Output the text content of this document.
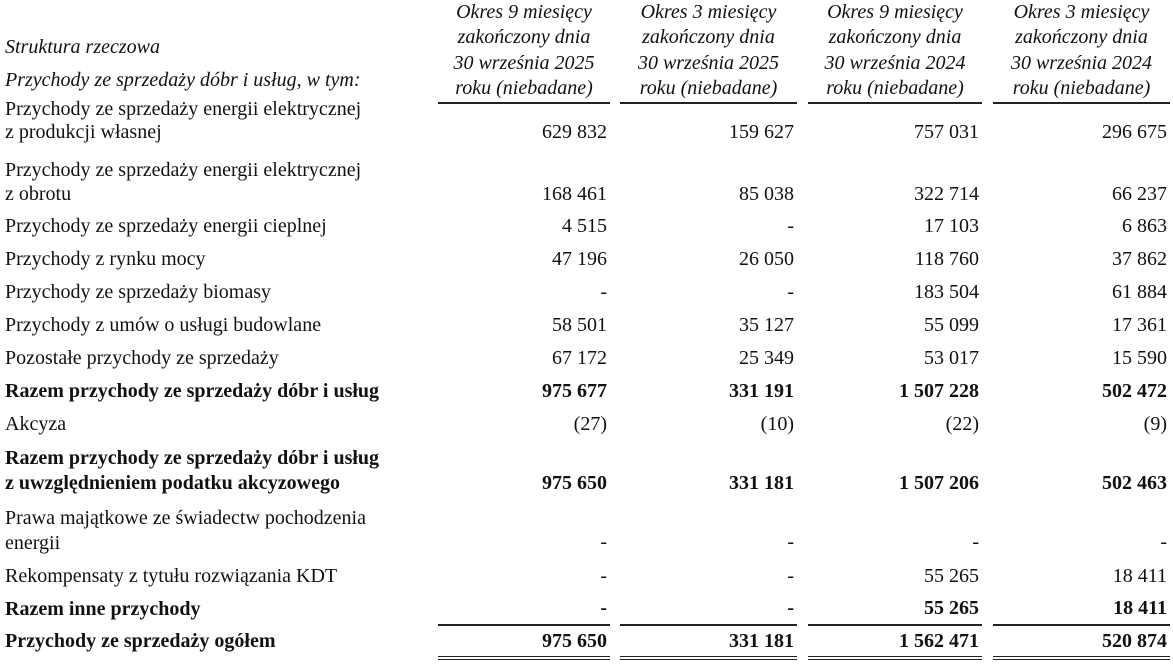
Struktura rzeczowa
Przychody ze sprzedaży dóbr i usług, w tym:
Okres 9 miesięcy
zakończony dnia
30 września 2025
roku (niebadane)
Okres 3 miesięcy
zakończony dnia
30 września 2025
roku (niebadane)
Okres 9 miesięcy
zakończony dnia
30 września 2024
roku (niebadane)
Okres 3 miesięcy
zakończony dnia
30 września 2024
roku (niebadane)
Przychody ze sprzedaży energii elektrycznej
z produkcji własnej	629 832	159 627	757 031	296 675
Przychody ze sprzedaży energii elektrycznej
z obrotu	168 461	85 038	322 714	66 237
Przychody ze sprzedaży energii cieplnej	4 515	-	17 103	6 863
Przychody z rynku mocy	47 196	26 050	118 760	37 862
Przychody ze sprzedaży biomasy	-	-	183 504	61 884
Przychody z umów o usługi budowlane	58 501	35 127	55 099	17 361
Pozostałe przychody ze sprzedaży	67 172	25 349	53 017	15 590
Razem przychody ze sprzedaży dóbr i usług	975 677	331 191	1 507 228	502 472
Akcyza	(27)	(10)	(22)	(9)
Razem przychody ze sprzedaży dóbr i usług
z uwzględnieniem podatku akcyzowego	975 650	331 181	1 507 206	502 463
Prawa majątkowe ze świadectw pochodzenia
energii	-	-	-	-
Rekompensaty z tytułu rozwiązania KDT	-	-	55 265	18 411
Razem inne przychody	-	-	55 265	18 411
Przychody ze sprzedaży ogółem	975 650	331 181	1 562 471	520 874
